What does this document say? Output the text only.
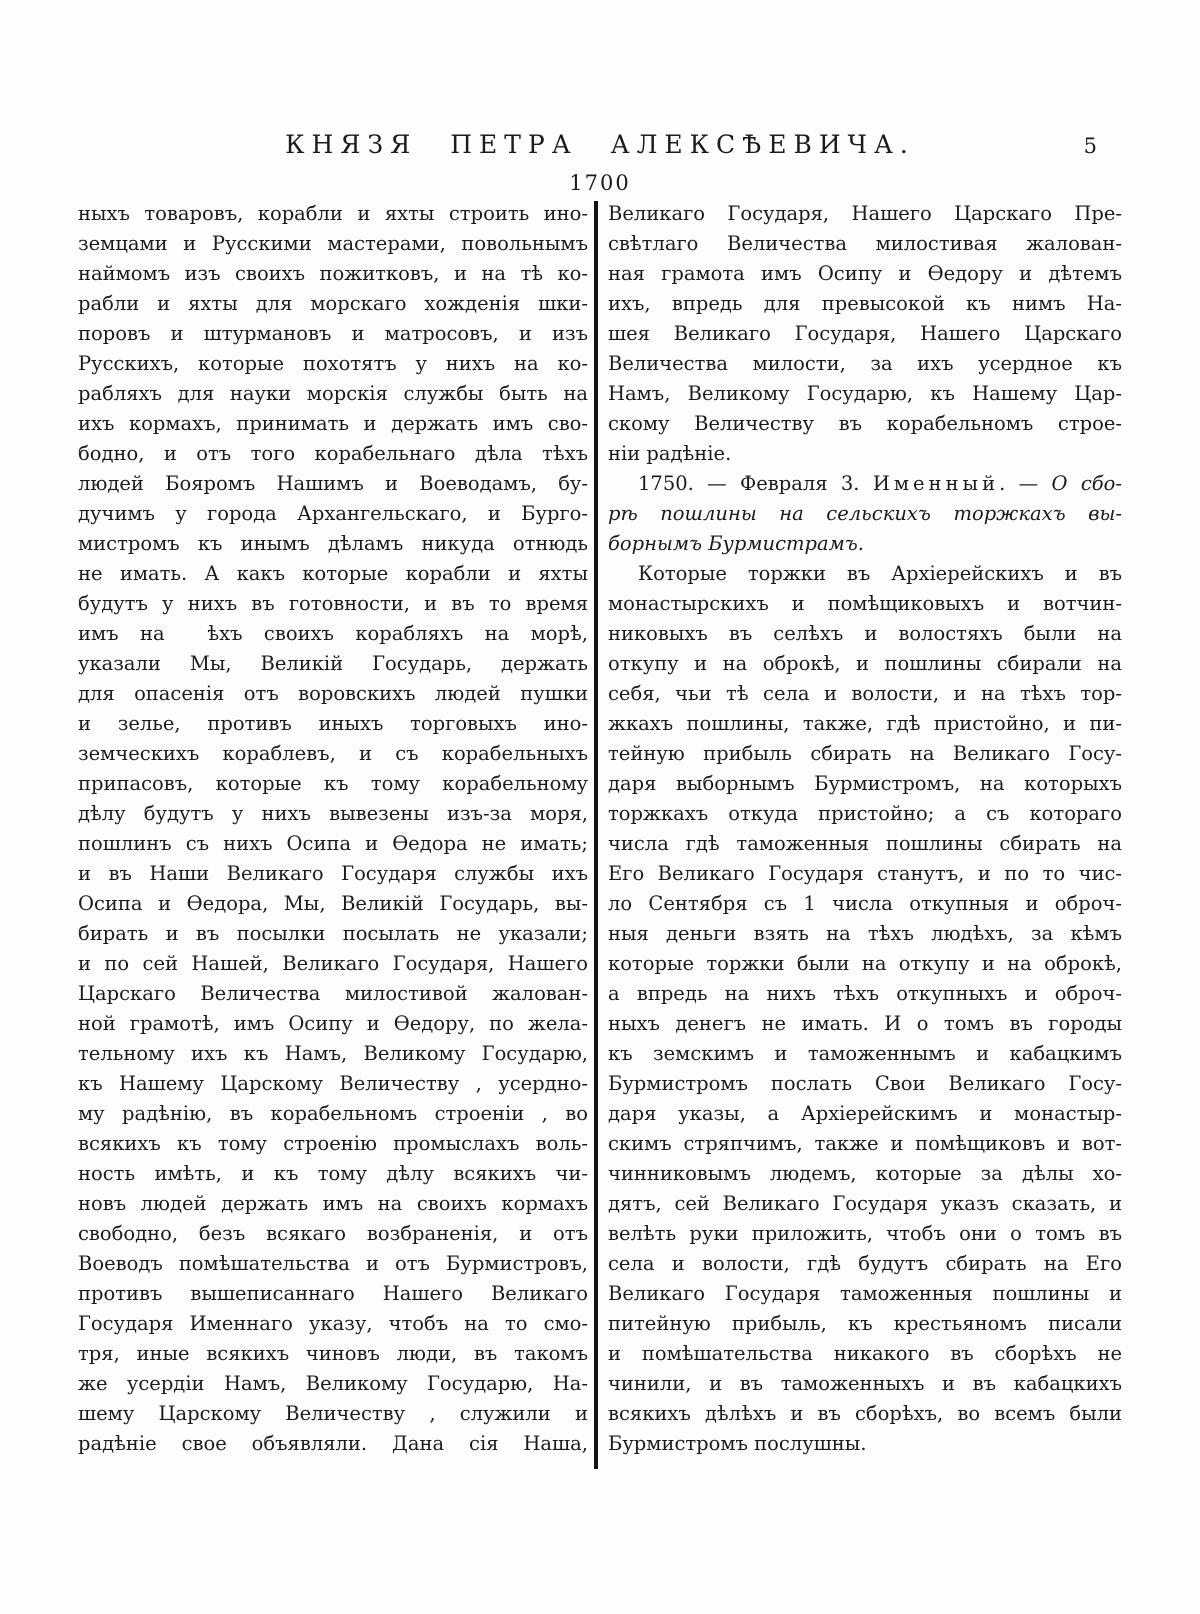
КНЯЗЯ ПЕТРА АЛЕКСѢЕВИЧА.	5
1700
ныхъ товаровъ, корабли и яхты строить ино-
земцами и Русскими мастерами, повольнымъ
наймомъ изъ своихъ пожитковъ, и на тѣ ко-
рабли и яхты для морскаго хожденія шки-
поровъ и штурмановъ и матросовъ, и изъ
Русскихъ, которые похотятъ у нихъ на ко-
рабляхъ для науки морскія службы быть на
ихъ кормахъ, принимать и держать имъ сво-
бодно, и отъ того корабельнаго дѣла тѣхъ
людей Бояромъ Нашимъ и Воеводамъ, бу-
дучимъ у города Архангельскаго, и Бурго-
мистромъ къ инымъ дѣламъ никуда отнюдь
не имать. А какъ которые корабли и яхты
будутъ у нихъ въ готовности, и въ то время
имъ на  ѣхъ своихъ корабляхъ на морѣ,
указали Мы, Великій Государь, держать
для опасенія отъ воровскихъ людей пушки
и зелье, противъ иныхъ торговыхъ ино-
земческихъ кораблевъ, и съ корабельныхъ
припасовъ, которые къ тому корабельному
дѣлу будутъ у нихъ вывезены изъ-за моря,
пошлинъ съ нихъ Осипа и Ѳедора не имать;
и въ Наши Великаго Государя службы ихъ
Осипа и Ѳедора, Мы, Великій Государь, вы-
бирать и въ посылки посылать не указали;
и по сей Нашей, Великаго Государя, Нашего
Царскаго Величества милостивой жалован-
ной грамотѣ, имъ Осипу и Ѳедору, по жела-
тельному ихъ къ Намъ, Великому Государю,
къ Нашему Царскому Величеству , усердно-
му радѣнію, въ корабельномъ строеніи , во
всякихъ къ тому строенію промыслахъ воль-
ность имѣть, и къ тому дѣлу всякихъ чи-
новъ людей держать имъ на своихъ кормахъ
свободно, безъ всякаго возбраненія, и отъ
Воеводъ помѣшательства и отъ Бурмистровъ,
противъ вышеписаннаго Нашего Великаго
Государя Именнаго указу, чтобъ на то смо-
тря, иные всякихъ чиновъ люди, въ такомъ
же усердіи Намъ, Великому Государю, На-
шему Царскому Величеству , служили и
радѣніе свое объявляли. Дана сія Наша,
Великаго Государя, Нашего Царскаго Пре-
свѣтлаго Величества милостивая жалован-
ная грамота имъ Осипу и Ѳедору и дѣтемъ
ихъ, впредь для превысокой къ нимъ На-
шея Великаго Государя, Нашего Царскаго
Величества милости, за ихъ усердное къ
Намъ, Великому Государю, къ Нашему Цар-
скому Величеству въ корабельномъ строе-
ніи радѣніе.
1750. — Февраля 3. Именный. — О сбо-
рѣ пошлины на сельскихъ торжкахъ вы-
борнымъ Бурмистрамъ.
Которые торжки въ Архіерейскихъ и въ
монастырскихъ и помѣщиковыхъ и вотчин-
никовыхъ въ селѣхъ и волостяхъ были на
откупу и на оброкѣ, и пошлины сбирали на
себя, чьи тѣ села и волости, и на тѣхъ тор-
жкахъ пошлины, также, гдѣ пристойно, и пи-
тейную прибыль сбирать на Великаго Госу-
даря выборнымъ Бурмистромъ, на которыхъ
торжкахъ откуда пристойно; а съ котораго
числа гдѣ таможенныя пошлины сбирать на
Его Великаго Государя станутъ, и по то чис-
ло Сентября съ 1 числа откупныя и оброч-
ныя деньги взять на тѣхъ людѣхъ, за кѣмъ
которые торжки были на откупу и на оброкѣ,
а впредь на нихъ тѣхъ откупныхъ и оброч-
ныхъ денегъ не имать. И о томъ въ городы
къ земскимъ и таможеннымъ и кабацкимъ
Бурмистромъ послать Свои Великаго Госу-
даря указы, а Архіерейскимъ и монастыр-
скимъ стряпчимъ, также и помѣщиковъ и вот-
чинниковымъ людемъ, которые за дѣлы хо-
дятъ, сей Великаго Государя указъ сказать, и
велѣть руки приложить, чтобъ они о томъ въ
села и волости, гдѣ будутъ сбирать на Его
Великаго Государя таможенныя пошлины и
питейную прибыль, къ крестьяномъ писали
и помѣшательства никакого въ сборѣхъ не
чинили, и въ таможенныхъ и въ кабацкихъ
всякихъ дѣлѣхъ и въ сборѣхъ, во всемъ были
Бурмистромъ послушны.
